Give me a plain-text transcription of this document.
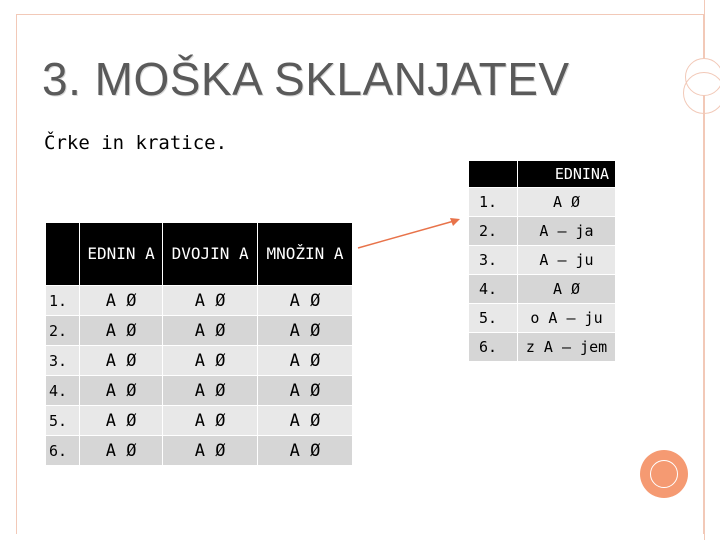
3. MOŠKA SKLANJATEV
Črke in kratice.
	EDNIN A	DVOJIN A	MNOŽIN A
1.	A Ø	A Ø	A Ø
2.	A Ø	A Ø	A Ø
3.	A Ø	A Ø	A Ø
4.	A Ø	A Ø	A Ø
5.	A Ø	A Ø	A Ø
6.	A Ø	A Ø	A Ø
	EDNINA
1.	A Ø
2.	A – ja
3.	A – ju
4.	A Ø
5.	o A – ju
6.	z A – jem
